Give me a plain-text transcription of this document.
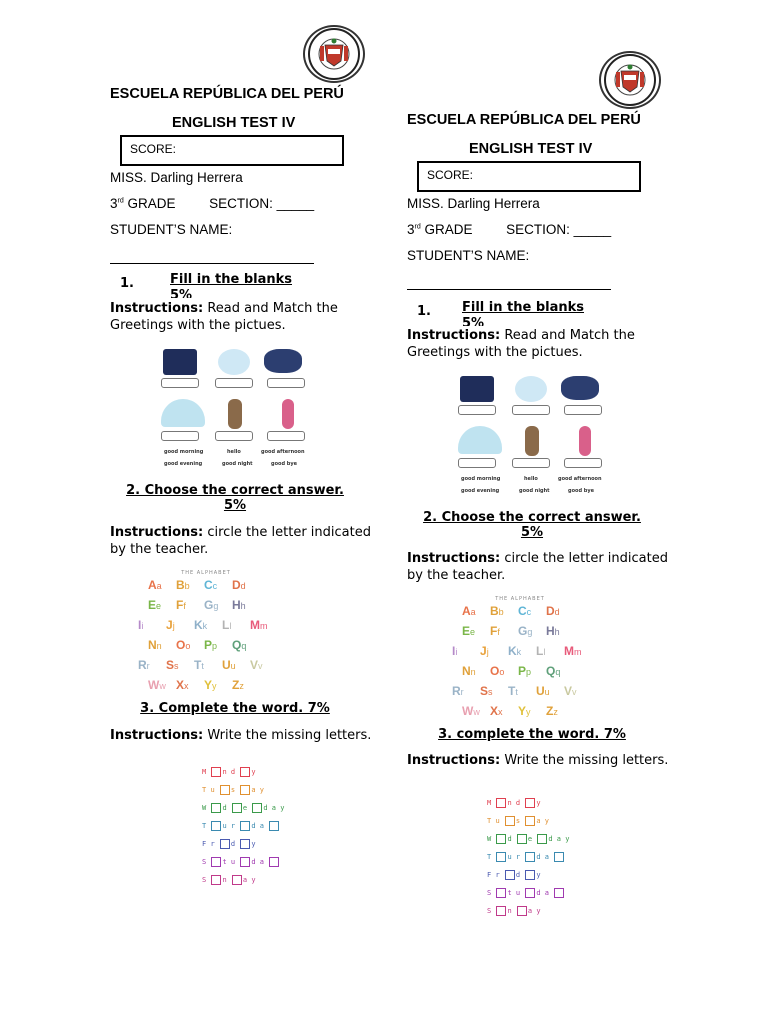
ESCUELA REPÚBLICA DEL PERÚ
ENGLISH TEST IV
SCORE:
MISS. Darling Herrera
3rd GRADE SECTION: _____
STUDENT’S NAME:
1.	Fill in the blanks
5%
Instructions: Read and Match the Greetings with the pictues.
good morning	hello	good afternoon
good evening	good night	good bye
2. Choose the correct answer.
5%
Instructions: circle the letter indicated by the teacher.
THE ALPHABET
Aa Bb Cc Dd
Ee Ff Gg Hh
Ii Jj Kk Ll Mm
Nn Oo Pp Qq
Rr Ss Tt Uu Vv
Ww Xx Yy Zz
3. Complete the word. 7%
Instructions: Write the missing letters.
M n d y
T u s a y
W d e d a y
T u r d a
F r d y
S t u d a
S n a y
ESCUELA REPÚBLICA DEL PERÚ
ENGLISH TEST IV
SCORE:
MISS. Darling Herrera
3rd GRADE SECTION: _____
STUDENT’S NAME:
1. Fill in the blanks
5%
Instructions: Read and Match the Greetings with the pictues.
good morning	hello	good afternoon
good evening	good night	good bye
2. Choose the correct answer.
5%
Instructions: circle the letter indicated by the teacher.
THE ALPHABET
Aa Bb Cc Dd
Ee Ff Gg Hh
Ii Jj Kk Ll Mm
Nn Oo Pp Qq
Rr Ss Tt Uu Vv
Ww Xx Yy Zz
3. complete the word. 7%
Instructions: Write the missing letters.
M n d y
T u s a y
W d e d a y
T u r d a
F r d y
S t u d a
S n a y
